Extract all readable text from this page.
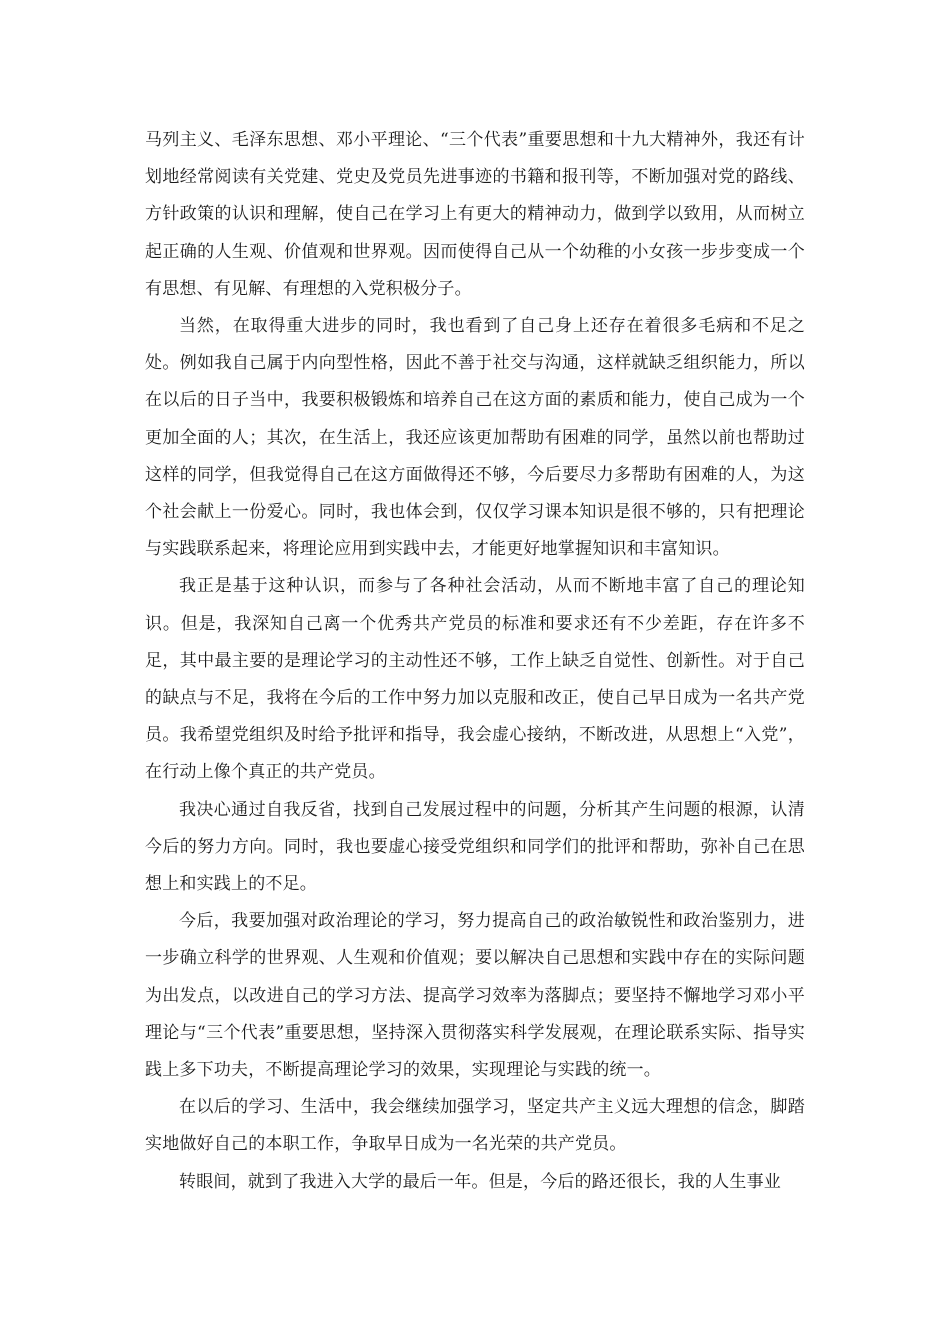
马列主义、毛泽东思想、邓小平理论、“三个代表”重要思想和十九大精神外，我还有计划地经常阅读有关党建、党史及党员先进事迹的书籍和报刊等，不断加强对党的路线、方针政策的认识和理解，使自己在学习上有更大的精神动力，做到学以致用，从而树立起正确的人生观、价值观和世界观。因而使得自己从一个幼稚的小女孩一步步变成一个有思想、有见解、有理想的入党积极分子。

当然，在取得重大进步的同时，我也看到了自己身上还存在着很多毛病和不足之处。例如我自己属于内向型性格，因此不善于社交与沟通，这样就缺乏组织能力，所以在以后的日子当中，我要积极锻炼和培养自己在这方面的素质和能力，使自己成为一个更加全面的人；其次，在生活上，我还应该更加帮助有困难的同学，虽然以前也帮助过这样的同学，但我觉得自己在这方面做得还不够，今后要尽力多帮助有困难的人，为这个社会献上一份爱心。同时，我也体会到，仅仅学习课本知识是很不够的，只有把理论与实践联系起来，将理论应用到实践中去，才能更好地掌握知识和丰富知识。

我正是基于这种认识，而参与了各种社会活动，从而不断地丰富了自己的理论知识。但是，我深知自己离一个优秀共产党员的标准和要求还有不少差距，存在许多不足，其中最主要的是理论学习的主动性还不够，工作上缺乏自觉性、创新性。对于自己的缺点与不足，我将在今后的工作中努力加以克服和改正，使自己早日成为一名共产党员。我希望党组织及时给予批评和指导，我会虚心接纳，不断改进，从思想上“入党”，在行动上像个真正的共产党员。

我决心通过自我反省，找到自己发展过程中的问题，分析其产生问题的根源，认清今后的努力方向。同时，我也要虚心接受党组织和同学们的批评和帮助，弥补自己在思想上和实践上的不足。

今后，我要加强对政治理论的学习，努力提高自己的政治敏锐性和政治鉴别力，进一步确立科学的世界观、人生观和价值观；要以解决自己思想和实践中存在的实际问题为出发点，以改进自己的学习方法、提高学习效率为落脚点；要坚持不懈地学习邓小平理论与“三个代表”重要思想，坚持深入贯彻落实科学发展观，在理论联系实际、指导实践上多下功夫，不断提高理论学习的效果，实现理论与实践的统一。

在以后的学习、生活中，我会继续加强学习，坚定共产主义远大理想的信念，脚踏实地做好自己的本职工作，争取早日成为一名光荣的共产党员。

转眼间，就到了我进入大学的最后一年。但是，今后的路还很长，我的人生事业
